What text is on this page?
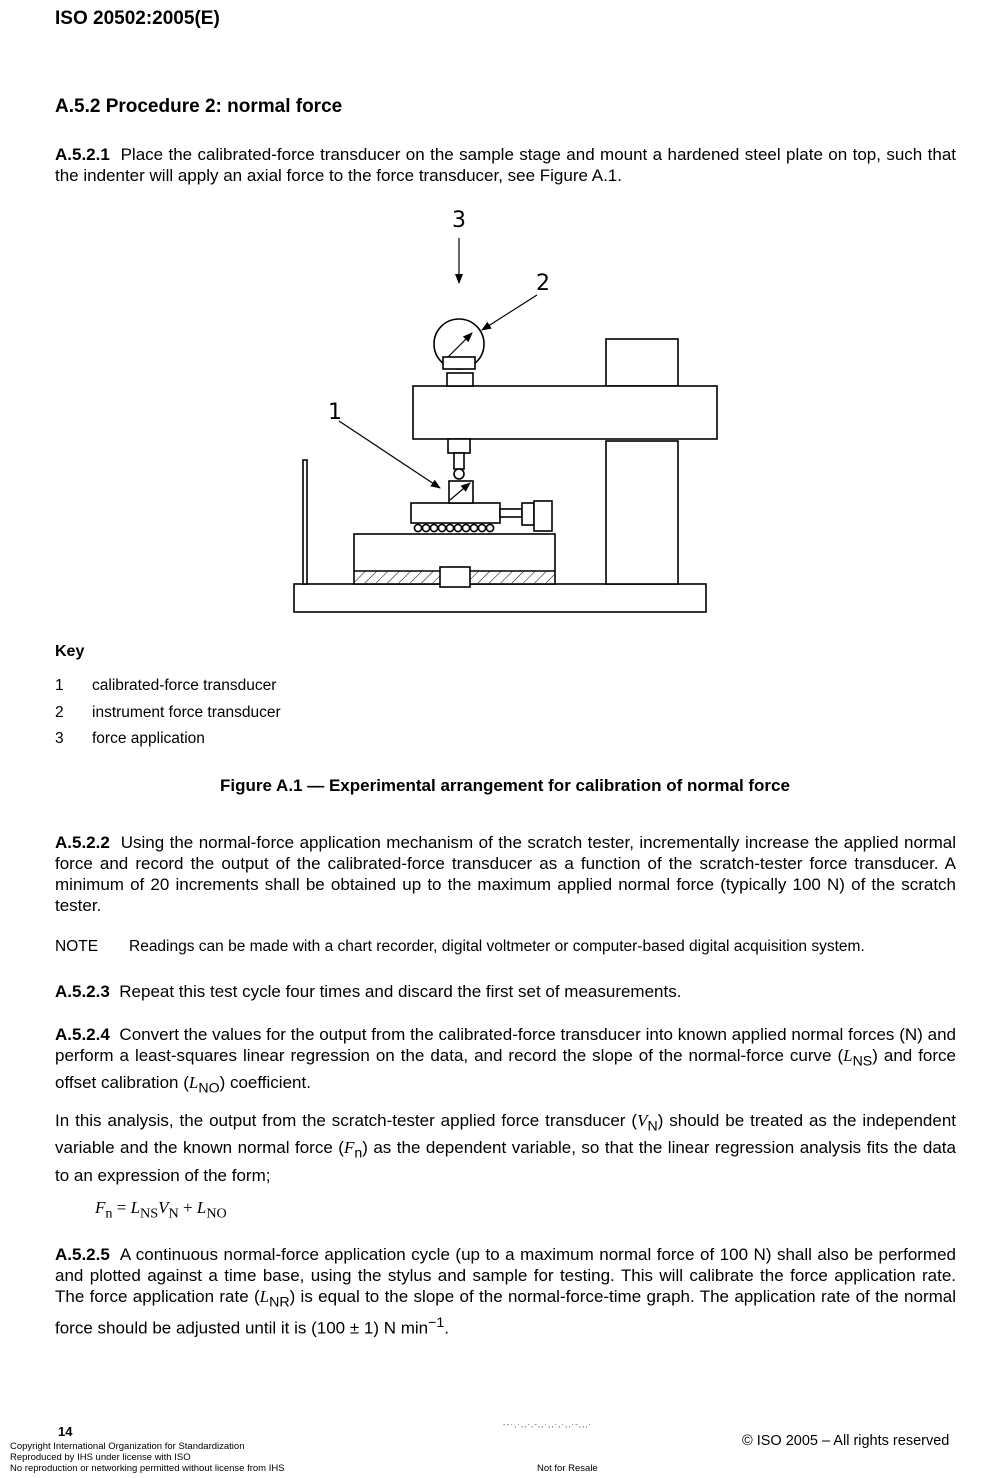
ISO 20502:2005(E)
A.5.2 Procedure 2: normal force
A.5.2.1 Place the calibrated-force transducer on the sample stage and mount a hardened steel plate on top, such that the indenter will apply an axial force to the force transducer, see Figure A.1.
3
2
1
Key
1 calibrated-force transducer
2 instrument force transducer
3 force application
Figure A.1 — Experimental arrangement for calibration of normal force
A.5.2.2 Using the normal-force application mechanism of the scratch tester, incrementally increase the applied normal force and record the output of the calibrated-force transducer as a function of the scratch-tester force transducer. A minimum of 20 increments shall be obtained up to the maximum applied normal force (typically 100 N) of the scratch tester.
NOTE Readings can be made with a chart recorder, digital voltmeter or computer-based digital acquisition system.
A.5.2.3 Repeat this test cycle four times and discard the first set of measurements.
A.5.2.4 Convert the values for the output from the calibrated-force transducer into known applied normal forces (N) and perform a least-squares linear regression on the data, and record the slope of the normal-force curve $(L_{NS})$ and force offset calibration $(L_{NO})$ coefficient.
In this analysis, the output from the scratch-tester applied force transducer $(V_N)$ should be treated as the independent variable and the known normal force $(F_n)$ as the dependent variable, so that the linear regression analysis fits the data to an expression of the form;
$F_n = L_{NS}V_N + L_{NO}$
A.5.2.5 A continuous normal-force application cycle (up to a maximum normal force of 100 N) shall also be performed and plotted against a time base, using the stylus and sample for testing. This will calibrate the force application rate. The force application rate $(L_{NR})$ is equal to the slope of the normal-force-time graph. The application rate of the normal force should be adjusted until it is (100 ± 1) N $\min^{-1}$.
14	--·,·,,·,-,,·,,·,·,,·-,,,·
Copyright International Organization for Standardization
Reproduced by IHS under license with ISO
No reproduction or networking permitted without license from IHS
© ISO 2005 – All rights reserved
Not for Resale
